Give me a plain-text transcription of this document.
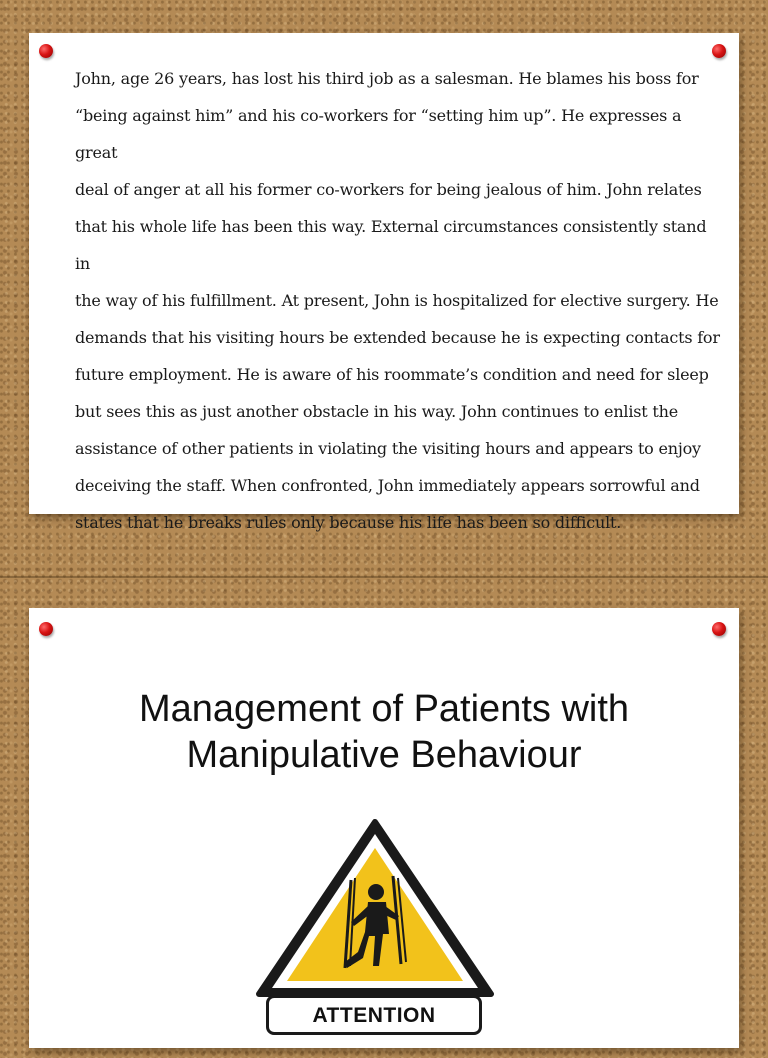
John, age 26 years, has lost his third job as a salesman. He blames his boss for
“being against him” and his co-workers for “setting him up”. He expresses a great
deal of anger at all his former co-workers for being jealous of him. John relates
that his whole life has been this way. External circumstances consistently stand in
the way of his fulfillment. At present, John is hospitalized for elective surgery. He
demands that his visiting hours be extended because he is expecting contacts for
future employment. He is aware of his roommate’s condition and need for sleep
but sees this as just another obstacle in his way. John continues to enlist the
assistance of other patients in violating the visiting hours and appears to enjoy
deceiving the staff. When confronted, John immediately appears sorrowful and
states that he breaks rules only because his life has been so difficult.
Management of Patients with
Manipulative Behaviour
ATTENTION
